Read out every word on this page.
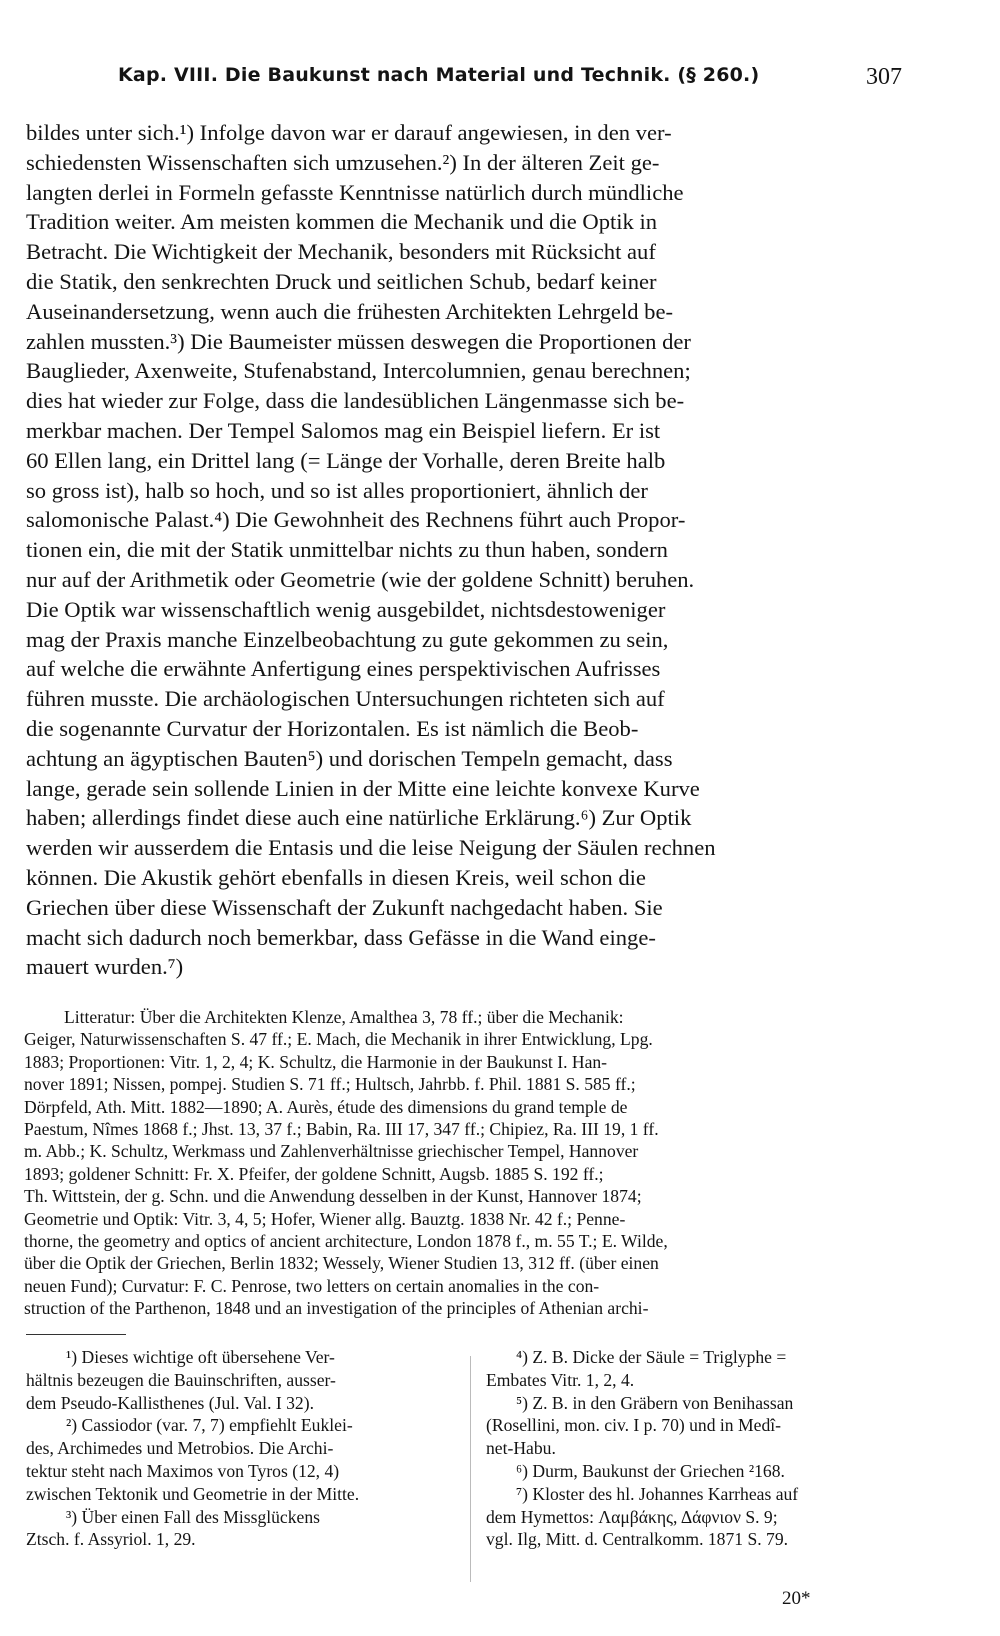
Kap. VIII. Die Baukunst nach Material und Technik. (§ 260.)	307
bildes unter sich.¹) Infolge davon war er darauf angewiesen, in den ver-
schiedensten Wissenschaften sich umzusehen.²) In der älteren Zeit ge-
langten derlei in Formeln gefasste Kenntnisse natürlich durch mündliche
Tradition weiter. Am meisten kommen die Mechanik und die Optik in
Betracht. Die Wichtigkeit der Mechanik, besonders mit Rücksicht auf
die Statik, den senkrechten Druck und seitlichen Schub, bedarf keiner
Auseinandersetzung, wenn auch die frühesten Architekten Lehrgeld be-
zahlen mussten.³) Die Baumeister müssen deswegen die Proportionen der
Bauglieder, Axenweite, Stufenabstand, Intercolumnien, genau berechnen;
dies hat wieder zur Folge, dass die landesüblichen Längenmasse sich be-
merkbar machen. Der Tempel Salomos mag ein Beispiel liefern. Er ist
60 Ellen lang, ein Drittel lang (= Länge der Vorhalle, deren Breite halb
so gross ist), halb so hoch, und so ist alles proportioniert, ähnlich der
salomonische Palast.⁴) Die Gewohnheit des Rechnens führt auch Propor-
tionen ein, die mit der Statik unmittelbar nichts zu thun haben, sondern
nur auf der Arithmetik oder Geometrie (wie der goldene Schnitt) beruhen.
Die Optik war wissenschaftlich wenig ausgebildet, nichtsdestoweniger
mag der Praxis manche Einzelbeobachtung zu gute gekommen zu sein,
auf welche die erwähnte Anfertigung eines perspektivischen Aufrisses
führen musste. Die archäologischen Untersuchungen richteten sich auf
die sogenannte Curvatur der Horizontalen. Es ist nämlich die Beob-
achtung an ägyptischen Bauten⁵) und dorischen Tempeln gemacht, dass
lange, gerade sein sollende Linien in der Mitte eine leichte konvexe Kurve
haben; allerdings findet diese auch eine natürliche Erklärung.⁶) Zur Optik
werden wir ausserdem die Entasis und die leise Neigung der Säulen rechnen
können. Die Akustik gehört ebenfalls in diesen Kreis, weil schon die
Griechen über diese Wissenschaft der Zukunft nachgedacht haben. Sie
macht sich dadurch noch bemerkbar, dass Gefässe in die Wand einge-
mauert wurden.⁷)
Litteratur: Über die Architekten Klenze, Amalthea 3, 78 ff.; über die Mechanik:
Geiger, Naturwissenschaften S. 47 ff.; E. Mach, die Mechanik in ihrer Entwicklung, Lpg.
1883; Proportionen: Vitr. 1, 2, 4; K. Schultz, die Harmonie in der Baukunst I. Han-
nover 1891; Nissen, pompej. Studien S. 71 ff.; Hultsch, Jahrbb. f. Phil. 1881 S. 585 ff.;
Dörpfeld, Ath. Mitt. 1882—1890; A. Aurès, étude des dimensions du grand temple de
Paestum, Nîmes 1868 f.; Jhst. 13, 37 f.; Babin, Ra. III 17, 347 ff.; Chipiez, Ra. III 19, 1 ff.
m. Abb.; K. Schultz, Werkmass und Zahlenverhältnisse griechischer Tempel, Hannover
1893; goldener Schnitt: Fr. X. Pfeifer, der goldene Schnitt, Augsb. 1885 S. 192 ff.;
Th. Wittstein, der g. Schn. und die Anwendung desselben in der Kunst, Hannover 1874;
Geometrie und Optik: Vitr. 3, 4, 5; Hofer, Wiener allg. Bauztg. 1838 Nr. 42 f.; Penne-
thorne, the geometry and optics of ancient architecture, London 1878 f., m. 55 T.; E. Wilde,
über die Optik der Griechen, Berlin 1832; Wessely, Wiener Studien 13, 312 ff. (über einen
neuen Fund); Curvatur: F. C. Penrose, two letters on certain anomalies in the con-
struction of the Parthenon, 1848 und an investigation of the principles of Athenian archi-
¹) Dieses wichtige oft übersehene Ver-
hältnis bezeugen die Bauinschriften, ausser-
dem Pseudo-Kallisthenes (Jul. Val. I 32).
²) Cassiodor (var. 7, 7) empfiehlt Euklei-
des, Archimedes und Metrobios. Die Archi-
tektur steht nach Maximos von Tyros (12, 4)
zwischen Tektonik und Geometrie in der Mitte.
³) Über einen Fall des Missglückens
Ztsch. f. Assyriol. 1, 29.
⁴) Z. B. Dicke der Säule = Triglyphe =
Embates Vitr. 1, 2, 4.
⁵) Z. B. in den Gräbern von Benihassan
(Rosellini, mon. civ. I p. 70) und in Medî-
net-Habu.
⁶) Durm, Baukunst der Griechen ²168.
⁷) Kloster des hl. Johannes Karrheas auf
dem Hymettos: Λαμβάκης, Δάφνιον S. 9;
vgl. Ilg, Mitt. d. Centralkomm. 1871 S. 79.
20*
